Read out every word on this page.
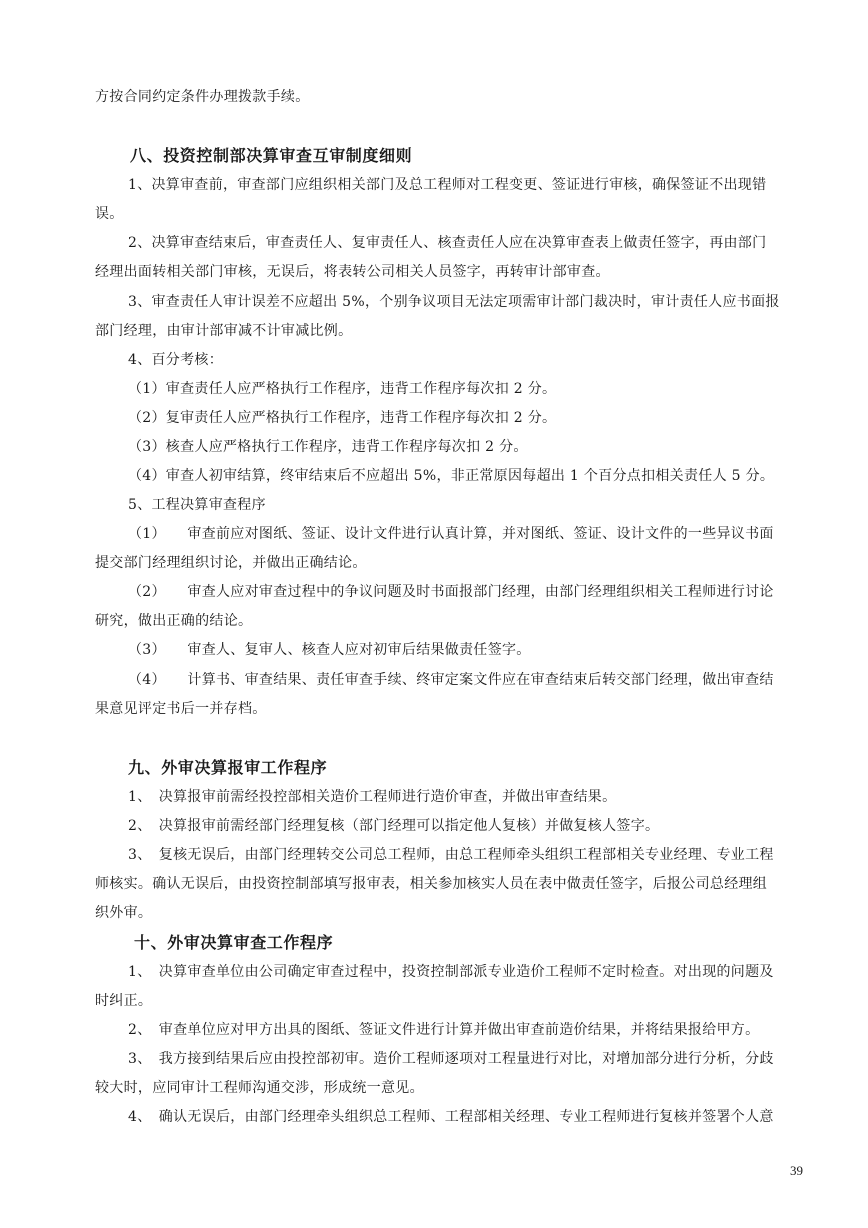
方按合同约定条件办理拨款手续。
八、投资控制部决算审查互审制度细则
1、决算审查前，审查部门应组织相关部门及总工程师对工程变更、签证进行审核，确保签证不出现错
误。
2、决算审查结束后，审查责任人、复审责任人、核查责任人应在决算审查表上做责任签字，再由部门
经理出面转相关部门审核，无误后，将表转公司相关人员签字，再转审计部审查。
3、审查责任人审计误差不应超出 5%，个别争议项目无法定项需审计部门裁决时，审计责任人应书面报
部门经理，由审计部审减不计审减比例。
4、百分考核：
（1）审查责任人应严格执行工作程序，违背工作程序每次扣 2 分。
（2）复审责任人应严格执行工作程序，违背工作程序每次扣 2 分。
（3）核查人应严格执行工作程序，违背工作程序每次扣 2 分。
（4）审查人初审结算，终审结束后不应超出 5%，非正常原因每超出 1 个百分点扣相关责任人 5 分。
5、工程决算审查程序
（1）　　审查前应对图纸、签证、设计文件进行认真计算，并对图纸、签证、设计文件的一些异议书面
提交部门经理组织讨论，并做出正确结论。
（2）　　审查人应对审查过程中的争议问题及时书面报部门经理，由部门经理组织相关工程师进行讨论
研究，做出正确的结论。
（3）　　审查人、复审人、核查人应对初审后结果做责任签字。
（4）　　计算书、审查结果、责任审查手续、终审定案文件应在审查结束后转交部门经理，做出审查结
果意见评定书后一并存档。
九、外审决算报审工作程序
1、　决算报审前需经投控部相关造价工程师进行造价审查，并做出审查结果。
2、　决算报审前需经部门经理复核（部门经理可以指定他人复核）并做复核人签字。
3、　复核无误后，由部门经理转交公司总工程师，由总工程师牵头组织工程部相关专业经理、专业工程
师核实。确认无误后，由投资控制部填写报审表，相关参加核实人员在表中做责任签字，后报公司总经理组
织外审。
十、外审决算审查工作程序
1、　决算审查单位由公司确定审查过程中，投资控制部派专业造价工程师不定时检查。对出现的问题及
时纠正。
2、　审查单位应对甲方出具的图纸、签证文件进行计算并做出审查前造价结果，并将结果报给甲方。
3、　我方接到结果后应由投控部初审。造价工程师逐项对工程量进行对比，对增加部分进行分析，分歧
较大时，应同审计工程师沟通交涉，形成统一意见。
4、　确认无误后，由部门经理牵头组织总工程师、工程部相关经理、专业工程师进行复核并签署个人意
39
